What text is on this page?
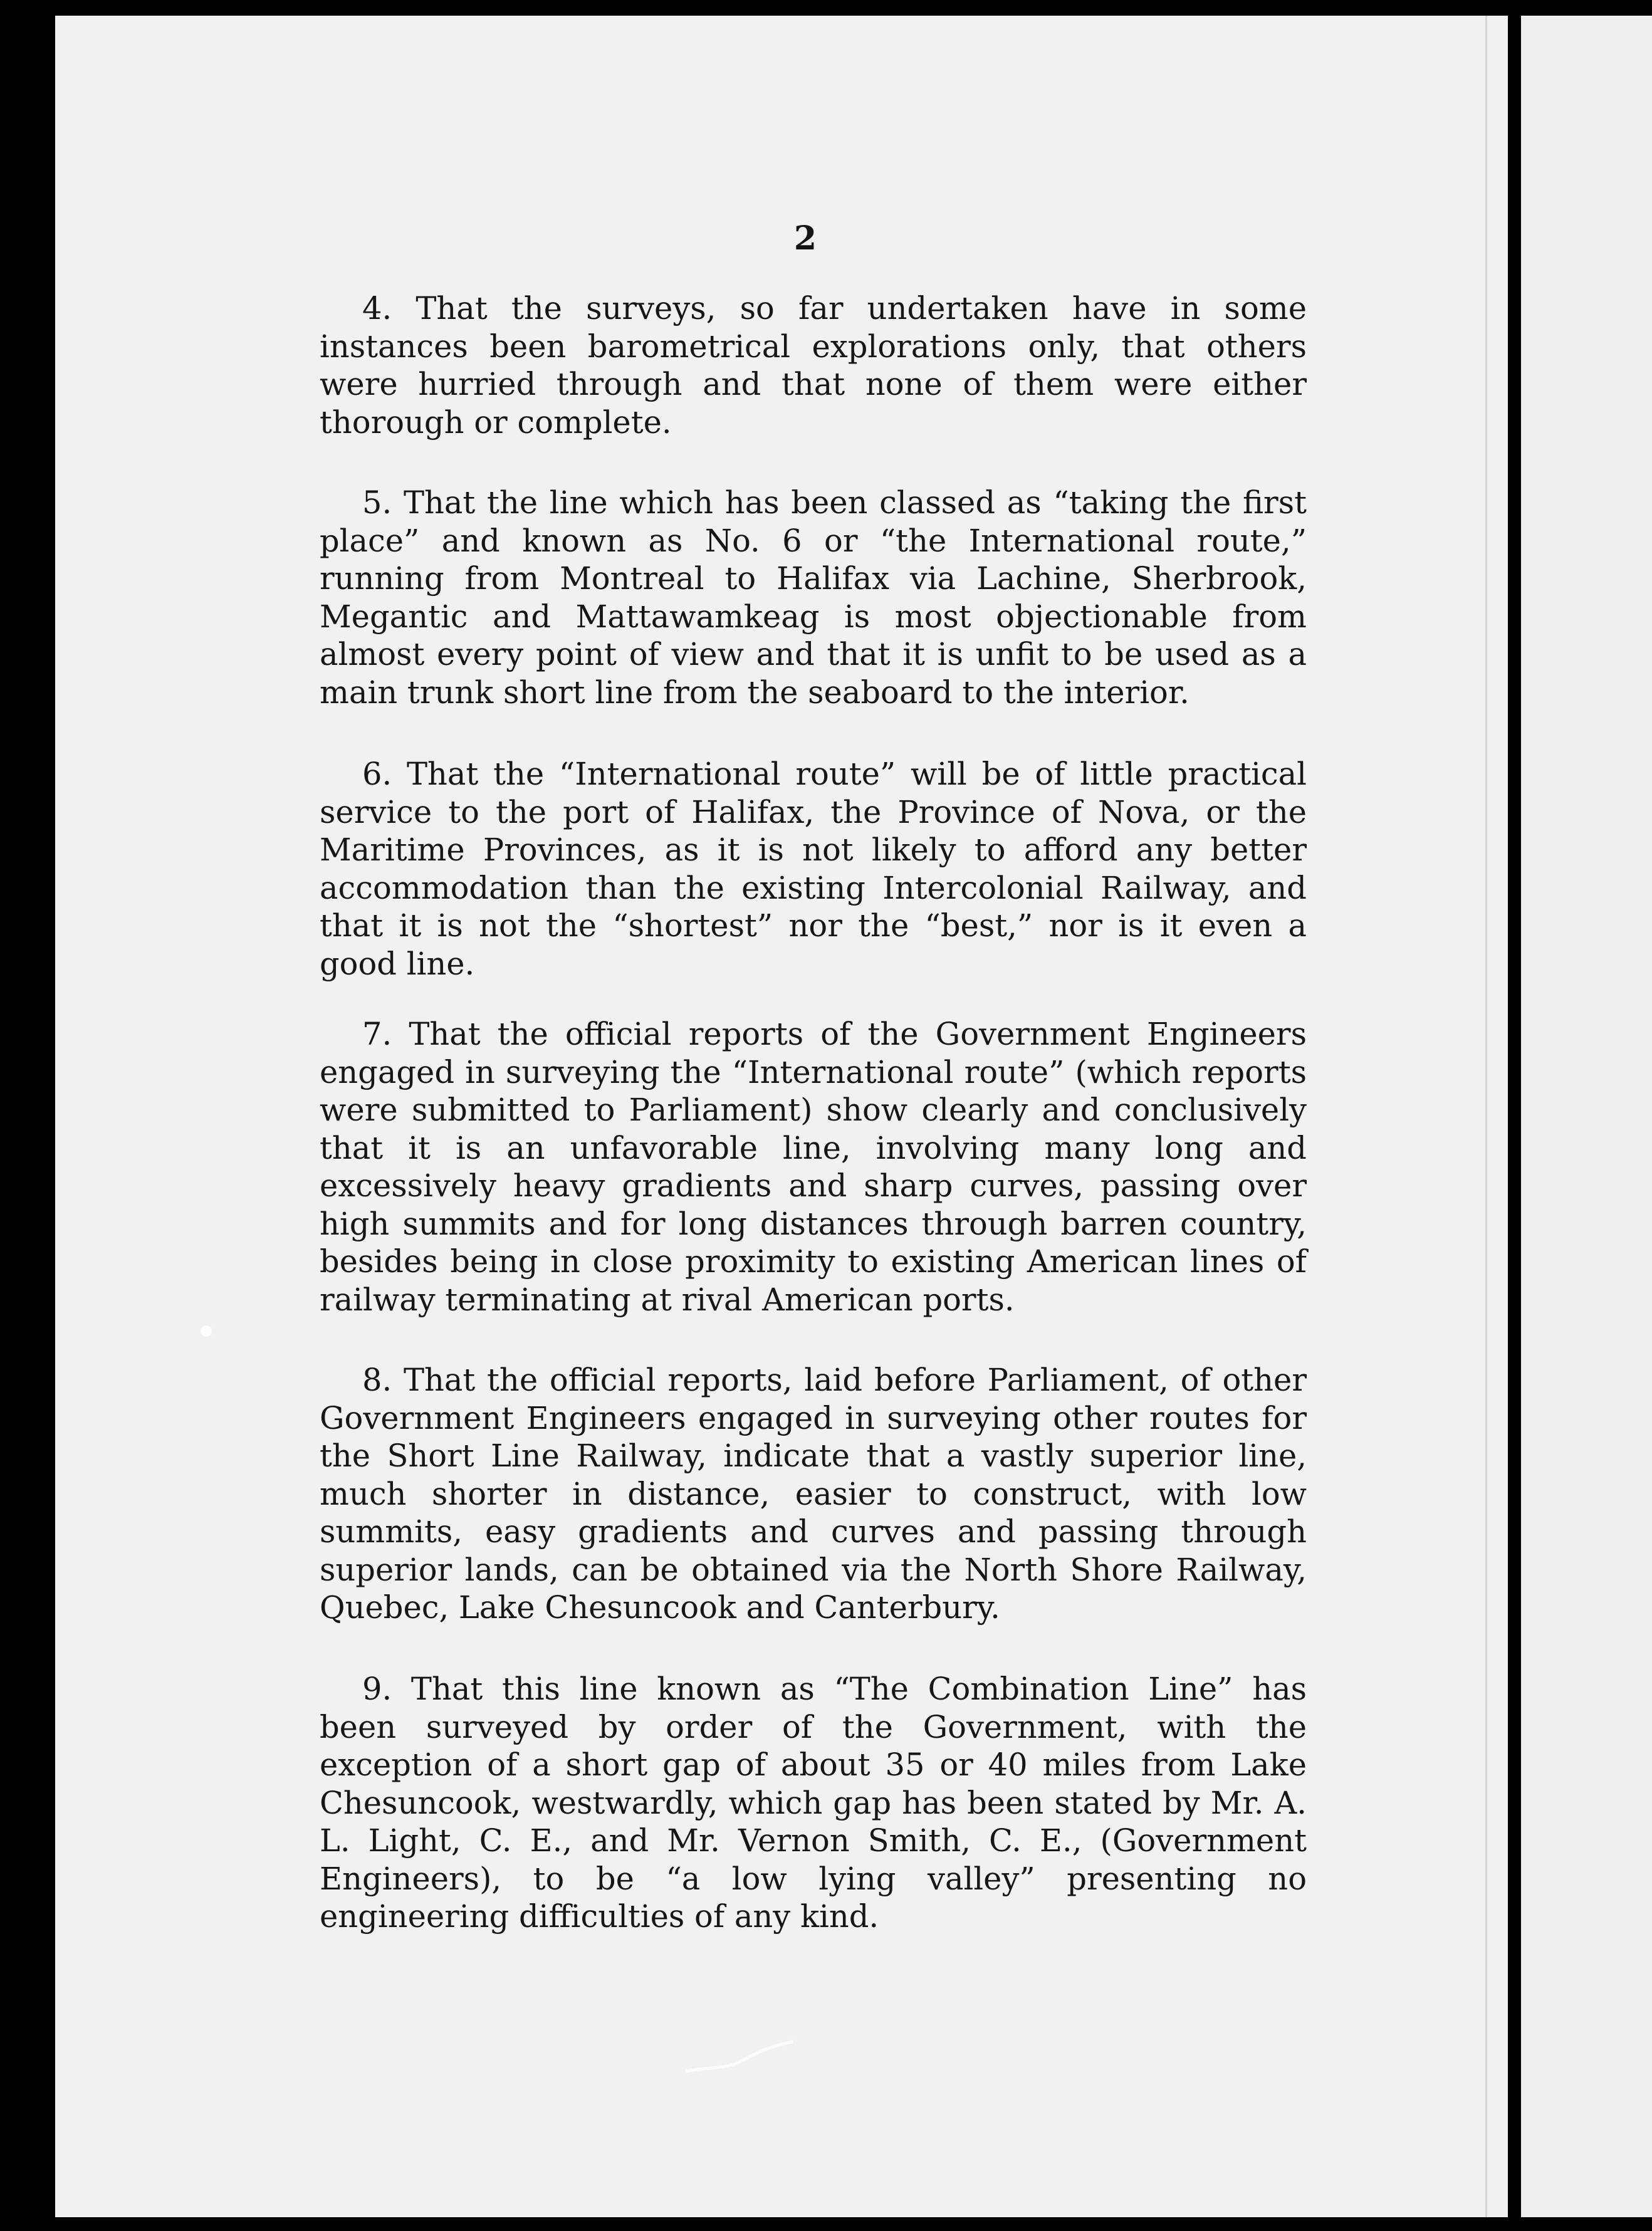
2

4. That the surveys, so far undertaken have in some instances been barometrical explorations only, that others were hurried through and that none of them were either thorough or complete.

5. That the line which has been classed as “taking the first place” and known as No. 6 or “the International route,” running from Montreal to Halifax via Lachine, Sherbrook, Megantic and Mattawamkeag is most objectionable from almost every point of view and that it is unfit to be used as a main trunk short line from the seaboard to the interior.

6. That the “International route” will be of little practical service to the port of Halifax, the Province of Nova, or the Maritime Provinces, as it is not likely to afford any better accommodation than the existing Intercolonial Railway, and that it is not the “shortest” nor the “best,” nor is it even a good line.

7. That the official reports of the Government Engineers engaged in surveying the “International route” (which reports were submitted to Parliament) show clearly and conclusively that it is an unfavorable line, involving many long and excessively heavy gradients and sharp curves, passing over high summits and for long distances through barren country, besides being in close proximity to existing American lines of railway terminating at rival American ports.

8. That the official reports, laid before Parliament, of other Government Engineers engaged in surveying other routes for the Short Line Railway, indicate that a vastly superior line, much shorter in distance, easier to construct, with low summits, easy gradients and curves and passing through superior lands, can be obtained via the North Shore Railway, Quebec, Lake Chesuncook and Canterbury.

9. That this line known as “The Combination Line” has been surveyed by order of the Government, with the exception of a short gap of about 35 or 40 miles from Lake Chesuncook, westwardly, which gap has been stated by Mr. A. L. Light, C. E., and Mr. Vernon Smith, C. E., (Government Engineers), to be “a low lying valley” presenting no engineering difficulties of any kind.
